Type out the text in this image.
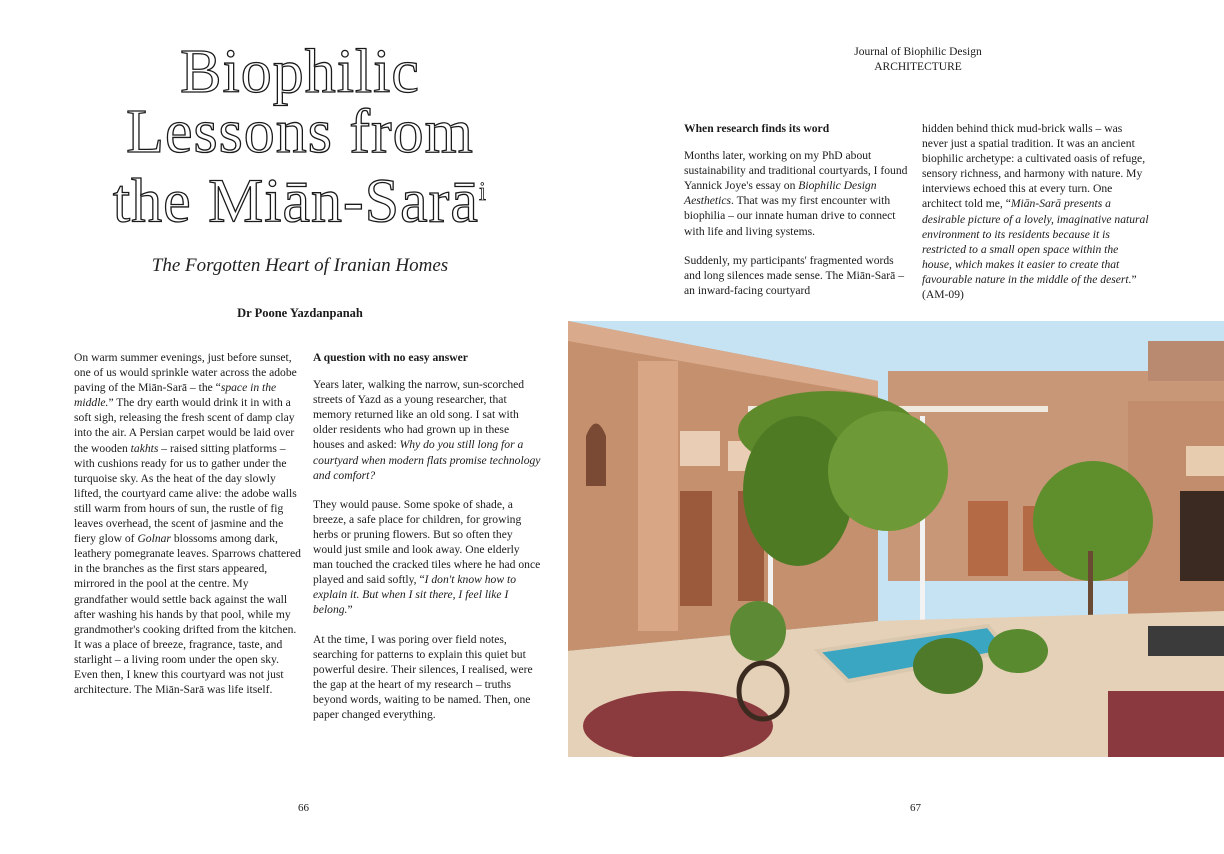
Biophilic
Lessons from
the Miān-Sarā$^i$
The Forgotten Heart of Iranian Homes
Dr Poone Yazdanpanah

On warm summer evenings, just before sunset, one of us would sprinkle water across the adobe paving of the Miān-Sarā – the “space in the middle.” The dry earth would drink it in with a soft sigh, releasing the fresh scent of damp clay into the air. A Persian carpet would be laid over the wooden takhts – raised sitting platforms – with cushions ready for us to gather under the turquoise sky. As the heat of the day slowly lifted, the courtyard came alive: the adobe walls still warm from hours of sun, the rustle of fig leaves overhead, the scent of jasmine and the fiery glow of Golnar blossoms among dark, leathery pomegranate leaves. Sparrows chattered in the branches as the first stars appeared, mirrored in the pool at the centre. My grandfather would settle back against the wall after washing his hands by that pool, while my grandmother's cooking drifted from the kitchen. It was a place of breeze, fragrance, taste, and starlight – a living room under the open sky. Even then, I knew this courtyard was not just architecture. The Miān-Sarā was life itself.

A question with no easy answer

Years later, walking the narrow, sun-scorched streets of Yazd as a young researcher, that memory returned like an old song. I sat with older residents who had grown up in these houses and asked: Why do you still long for a courtyard when modern flats promise technology and comfort?

They would pause. Some spoke of shade, a breeze, a safe place for children, for growing herbs or pruning flowers. But so often they would just smile and look away. One elderly man touched the cracked tiles where he had once played and said softly, “I don't know how to explain it. But when I sit there, I feel like I belong.”

At the time, I was poring over field notes, searching for patterns to explain this quiet but powerful desire. Their silences, I realised, were the gap at the heart of my research – truths beyond words, waiting to be named. Then, one paper changed everything.

66
Journal of Biophilic Design
ARCHITECTURE
When research finds its word

Months later, working on my PhD about sustainability and traditional courtyards, I found Yannick Joye's essay on Biophilic Design Aesthetics. That was my first encounter with biophilia – our innate human drive to connect with life and living systems.

Suddenly, my participants' fragmented words and long silences made sense. The Miān-Sarā – an inward-facing courtyard

hidden behind thick mud-brick walls – was never just a spatial tradition. It was an ancient biophilic archetype: a cultivated oasis of refuge, sensory richness, and harmony with nature. My interviews echoed this at every turn. One architect told me, “Miān-Sarā presents a desirable picture of a lovely, imaginative natural environment to its residents because it is restricted to a small open space within the house, which makes it easier to create that favourable nature in the middle of the desert.” (AM-09)

67
